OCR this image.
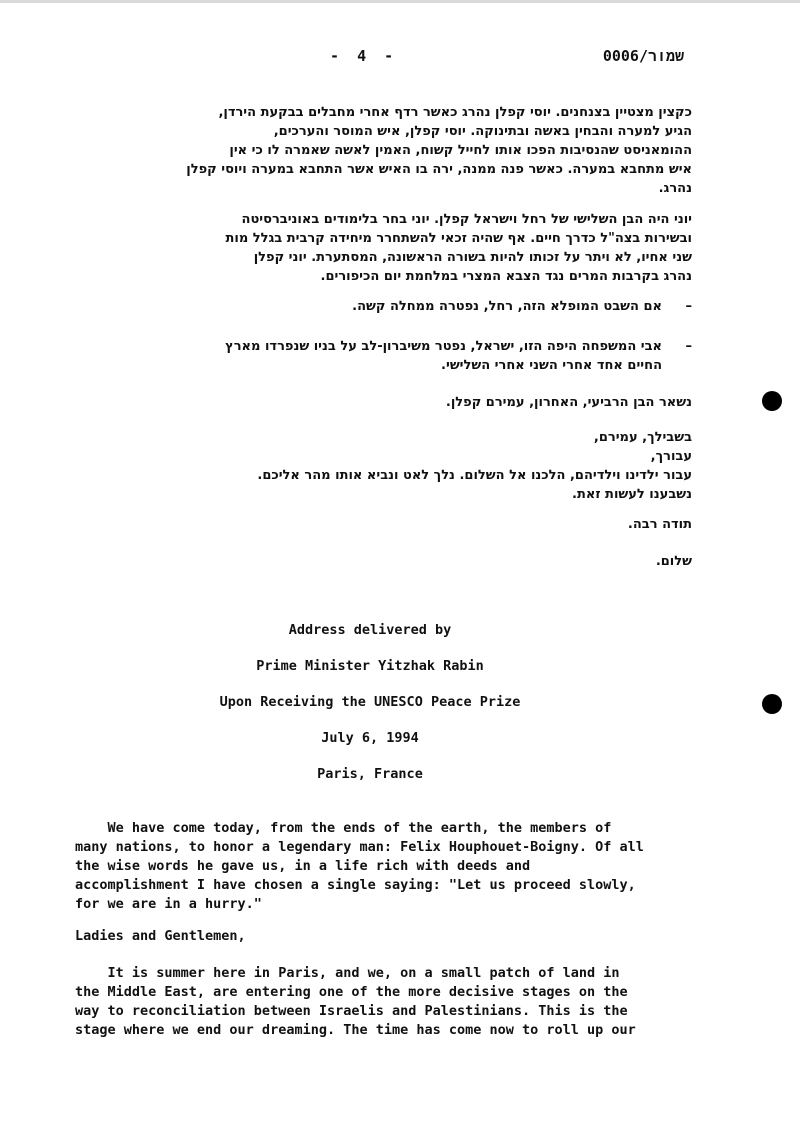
-  4  -	שמור/0006
כקצין מצטיין בצנחנים. יוסי קפלן נהרג כאשר רדף אחרי מחבלים בבקעת הירדן,
הגיע למערה והבחין באשה ובתינוקה. יוסי קפלן, איש המוסר והערכים,
ההומאניסט שהנסיבות הפכו אותו לחייל קשוח, האמין לאשה שאמרה לו כי אין
איש מתחבא במערה. כאשר פנה ממנה, ירה בו האיש אשר התחבא במערה ויוסי קפלן
נהרג.
יוני היה הבן השלישי של רחל וישראל קפלן. יוני בחר בלימודים באוניברסיטה
ובשירות בצה"ל כדרך חיים. אף שהיה זכאי להשתחרר מיחידה קרבית בגלל מות
שני אחיו, לא ויתר על זכותו להיות בשורה הראשונה, המסתערת. יוני קפלן
נהרג בקרבות המרים נגד הצבא המצרי במלחמת יום הכיפורים.
–
אם השבט המופלא הזה, רחל, נפטרה ממחלה קשה.
–
אבי המשפחה היפה הזו, ישראל, נפטר משיברון-לב על בניו שנפרדו מארץ
החיים אחד אחרי השני אחרי השלישי.
נשאר הבן הרביעי, האחרון, עמירם קפלן.
בשבילך, עמירם,
עבורך,
עבור ילדינו וילדיהם, הלכנו אל השלום. נלך לאט ונביא אותו מהר אליכם.
נשבענו לעשות זאת.
תודה רבה.
שלום.
Address delivered by
Prime Minister Yitzhak Rabin
Upon Receiving the UNESCO Peace Prize
July 6, 1994
Paris, France
We have come today, from the ends of the earth, the members of
many nations, to honor a legendary man: Felix Houphouet-Boigny. Of all
the wise words he gave us, in a life rich with deeds and
accomplishment I have chosen a single saying: "Let us proceed slowly,
for we are in a hurry."
Ladies and Gentlemen,
It is summer here in Paris, and we, on a small patch of land in
the Middle East, are entering one of the more decisive stages on the
way to reconciliation between Israelis and Palestinians. This is the
stage where we end our dreaming. The time has come now to roll up our
